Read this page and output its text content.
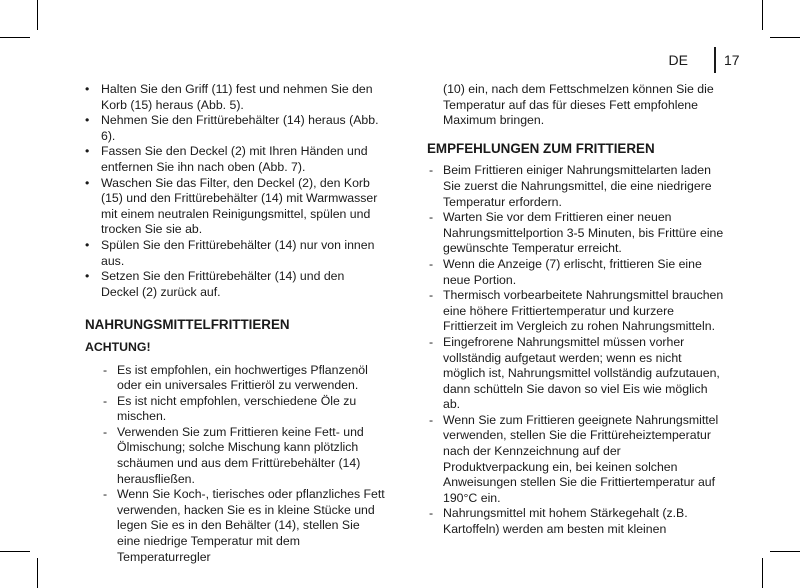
DE	17
• Halten Sie den Griff (11) fest und nehmen Sie den Korb (15) heraus (Abb. 5).
• Nehmen Sie den Frittürebehälter (14) heraus (Abb. 6).
• Fassen Sie den Deckel (2) mit Ihren Händen und entfernen Sie ihn nach oben (Abb. 7).
• Waschen Sie das Filter, den Deckel (2), den Korb (15) und den Frittürebehälter (14) mit Warmwasser mit einem neutralen Reinigungsmittel, spülen und trocken Sie sie ab.
• Spülen Sie den Frittürebehälter (14) nur von innen aus.
• Setzen Sie den Frittürebehälter (14) und den Deckel (2) zurück auf.
NAHRUNGSMITTELFRITTIEREN
ACHTUNG!
- Es ist empfohlen, ein hochwertiges Pflanzenöl oder ein universales Frittieröl zu verwenden.
- Es ist nicht empfohlen, verschiedene Öle zu mischen.
- Verwenden Sie zum Frittieren keine Fett- und Ölmischung; solche Mischung kann plötzlich schäumen und aus dem Frittürebehälter (14) herausfließen.
- Wenn Sie Koch-, tierisches oder pflanzliches Fett verwenden, hacken Sie es in kleine Stücke und legen Sie es in den Behälter (14), stellen Sie eine niedrige Temperatur mit dem Temperaturregler
(10) ein, nach dem Fettschmelzen können Sie die Temperatur auf das für dieses Fett empfohlene Maximum bringen.
EMPFEHLUNGEN ZUM FRITTIEREN
- Beim Frittieren einiger Nahrungsmittelarten laden Sie zuerst die Nahrungsmittel, die eine niedrigere Temperatur erfordern.
- Warten Sie vor dem Frittieren einer neuen Nahrungsmittelportion 3-5 Minuten, bis Frittüre eine gewünschte Temperatur erreicht.
- Wenn die Anzeige (7) erlischt, frittieren Sie eine neue Portion.
- Thermisch vorbearbeitete Nahrungsmittel brauchen eine höhere Frittiertemperatur und kurzere Frittierzeit im Vergleich zu rohen Nahrungsmitteln.
- Eingefrorene Nahrungsmittel müssen vorher vollständig aufgetaut werden; wenn es nicht möglich ist, Nahrungsmittel vollständig aufzutauen, dann schütteln Sie davon so viel Eis wie möglich ab.
- Wenn Sie zum Frittieren geeignete Nahrungsmittel verwenden, stellen Sie die Frittüreheiztemperatur nach der Kennzeichnung auf der Produktverpackung ein, bei keinen solchen Anweisungen stellen Sie die Frittiertemperatur auf 190°C ein.
- Nahrungsmittel mit hohem Stärkegehalt (z.B. Kartoffeln) werden am besten mit kleinen
